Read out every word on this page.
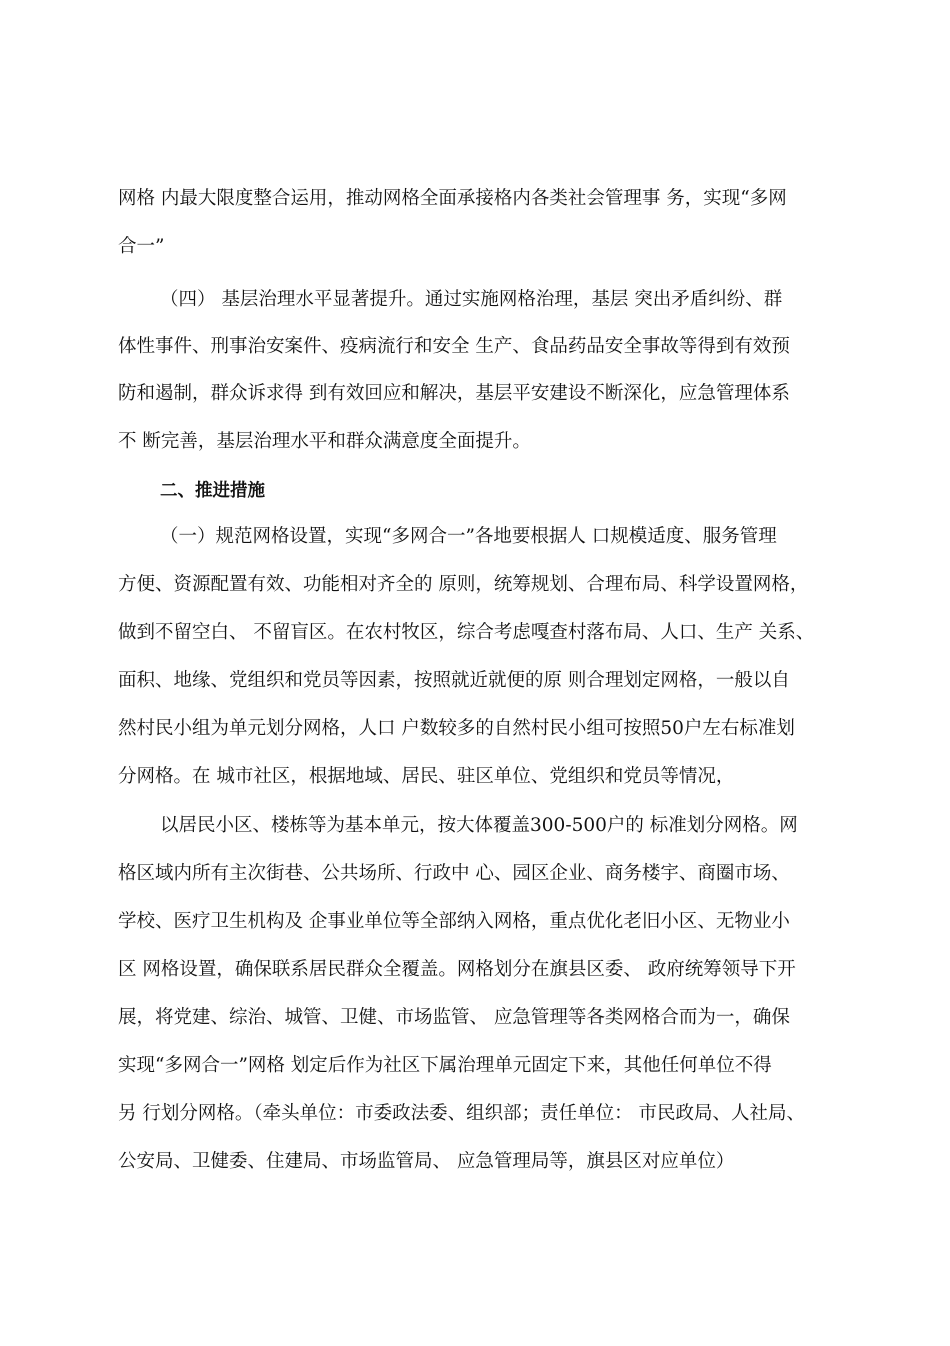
网格 内最大限度整合运用，推动网格全面承接格内各类社会管理事 务，实现“多网

合一”

（四） 基层治理水平显著提升。通过实施网格治理，基层 突出矛盾纠纷、群

体性事件、刑事治安案件、疫病流行和安全 生产、食品药品安全事故等得到有效预

防和遏制，群众诉求得 到有效回应和解决，基层平安建设不断深化，应急管理体系

不 断完善，基层治理水平和群众满意度全面提升。

二、推进措施

（一）规范网格设置，实现“多网合一”各地要根据人 口规模适度、服务管理

方便、资源配置有效、功能相对齐全的 原则，统筹规划、合理布局、科学设置网格，

做到不留空白、 不留盲区。在农村牧区，综合考虑嘎查村落布局、人口、生产 关系、

面积、地缘、党组织和党员等因素，按照就近就便的原 则合理划定网格，一般以自

然村民小组为单元划分网格，人口 户数较多的自然村民小组可按照50户左右标准划

分网格。在 城市社区，根据地域、居民、驻区单位、党组织和党员等情况，

以居民小区、楼栋等为基本单元，按大体覆盖300-500户的 标准划分网格。网

格区域内所有主次街巷、公共场所、行政中 心、园区企业、商务楼宇、商圈市场、

学校、医疗卫生机构及 企事业单位等全部纳入网格，重点优化老旧小区、无物业小

区 网格设置，确保联系居民群众全覆盖。网格划分在旗县区委、 政府统筹领导下开

展，将党建、综治、城管、卫健、市场监管、 应急管理等各类网格合而为一，确保

实现“多网合一”网格 划定后作为社区下属治理单元固定下来，其他任何单位不得

另 行划分网格。（牵头单位：市委政法委、组织部；责任单位： 市民政局、人社局、

公安局、卫健委、住建局、市场监管局、 应急管理局等，旗县区对应单位）
